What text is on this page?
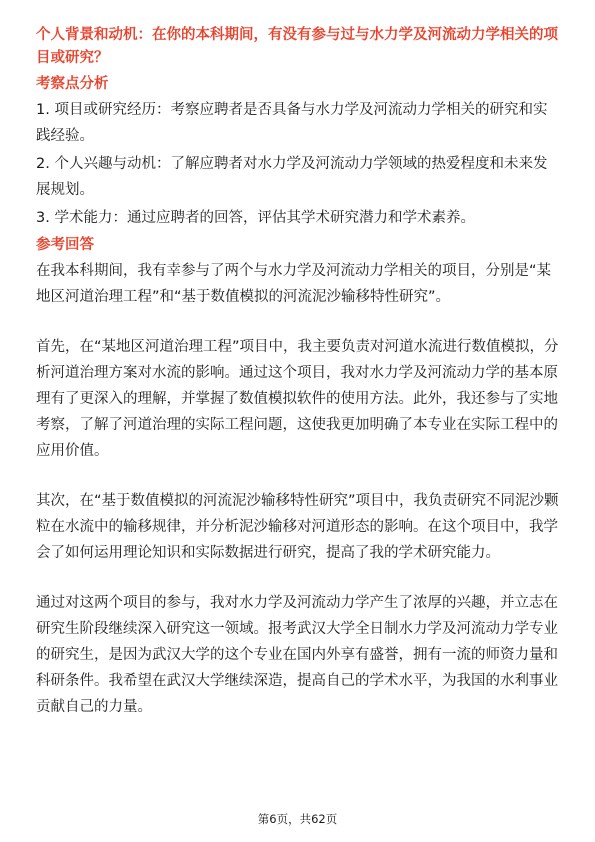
个人背景和动机：在你的本科期间，有没有参与过与水力学及河流动力学相关的项目或研究？

考察点分析

1. 项目或研究经历：考察应聘者是否具备与水力学及河流动力学相关的研究和实践经验。

2. 个人兴趣与动机：了解应聘者对水力学及河流动力学领域的热爱程度和未来发展规划。

3. 学术能力：通过应聘者的回答，评估其学术研究潜力和学术素养。

参考回答

在我本科期间，我有幸参与了两个与水力学及河流动力学相关的项目，分别是“某地区河道治理工程”和“基于数值模拟的河流泥沙输移特性研究”。

首先，在“某地区河道治理工程”项目中，我主要负责对河道水流进行数值模拟，分析河道治理方案对水流的影响。通过这个项目，我对水力学及河流动力学的基本原理有了更深入的理解，并掌握了数值模拟软件的使用方法。此外，我还参与了实地考察，了解了河道治理的实际工程问题，这使我更加明确了本专业在实际工程中的应用价值。

其次，在“基于数值模拟的河流泥沙输移特性研究”项目中，我负责研究不同泥沙颗粒在水流中的输移规律，并分析泥沙输移对河道形态的影响。在这个项目中，我学会了如何运用理论知识和实际数据进行研究，提高了我的学术研究能力。

通过对这两个项目的参与，我对水力学及河流动力学产生了浓厚的兴趣，并立志在研究生阶段继续深入研究这一领域。报考武汉大学全日制水力学及河流动力学专业的研究生，是因为武汉大学的这个专业在国内外享有盛誉，拥有一流的师资力量和科研条件。我希望在武汉大学继续深造，提高自己的学术水平，为我国的水利事业贡献自己的力量。

第6页，共62页
